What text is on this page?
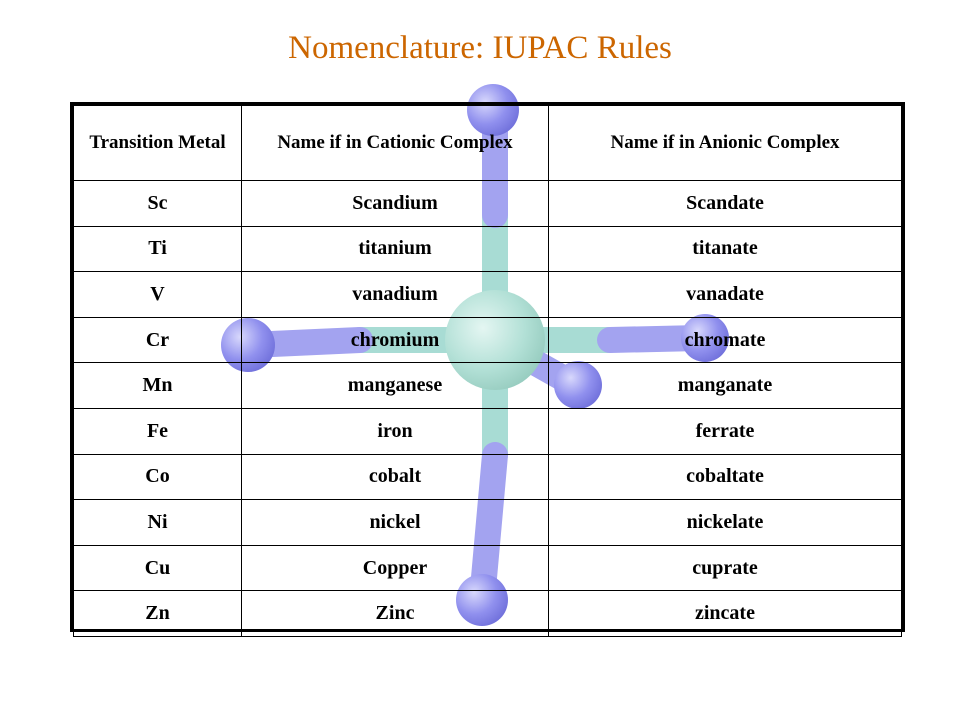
Nomenclature: IUPAC Rules
Transition Metal	Name if in Cationic Complex	Name if in Anionic Complex
Sc	Scandium	Scandate
Ti	titanium	titanate
V	vanadium	vanadate
Cr	chromium	chromate
Mn	manganese	manganate
Fe	iron	ferrate
Co	cobalt	cobaltate
Ni	nickel	nickelate
Cu	Copper	cuprate
Zn	Zinc	zincate
